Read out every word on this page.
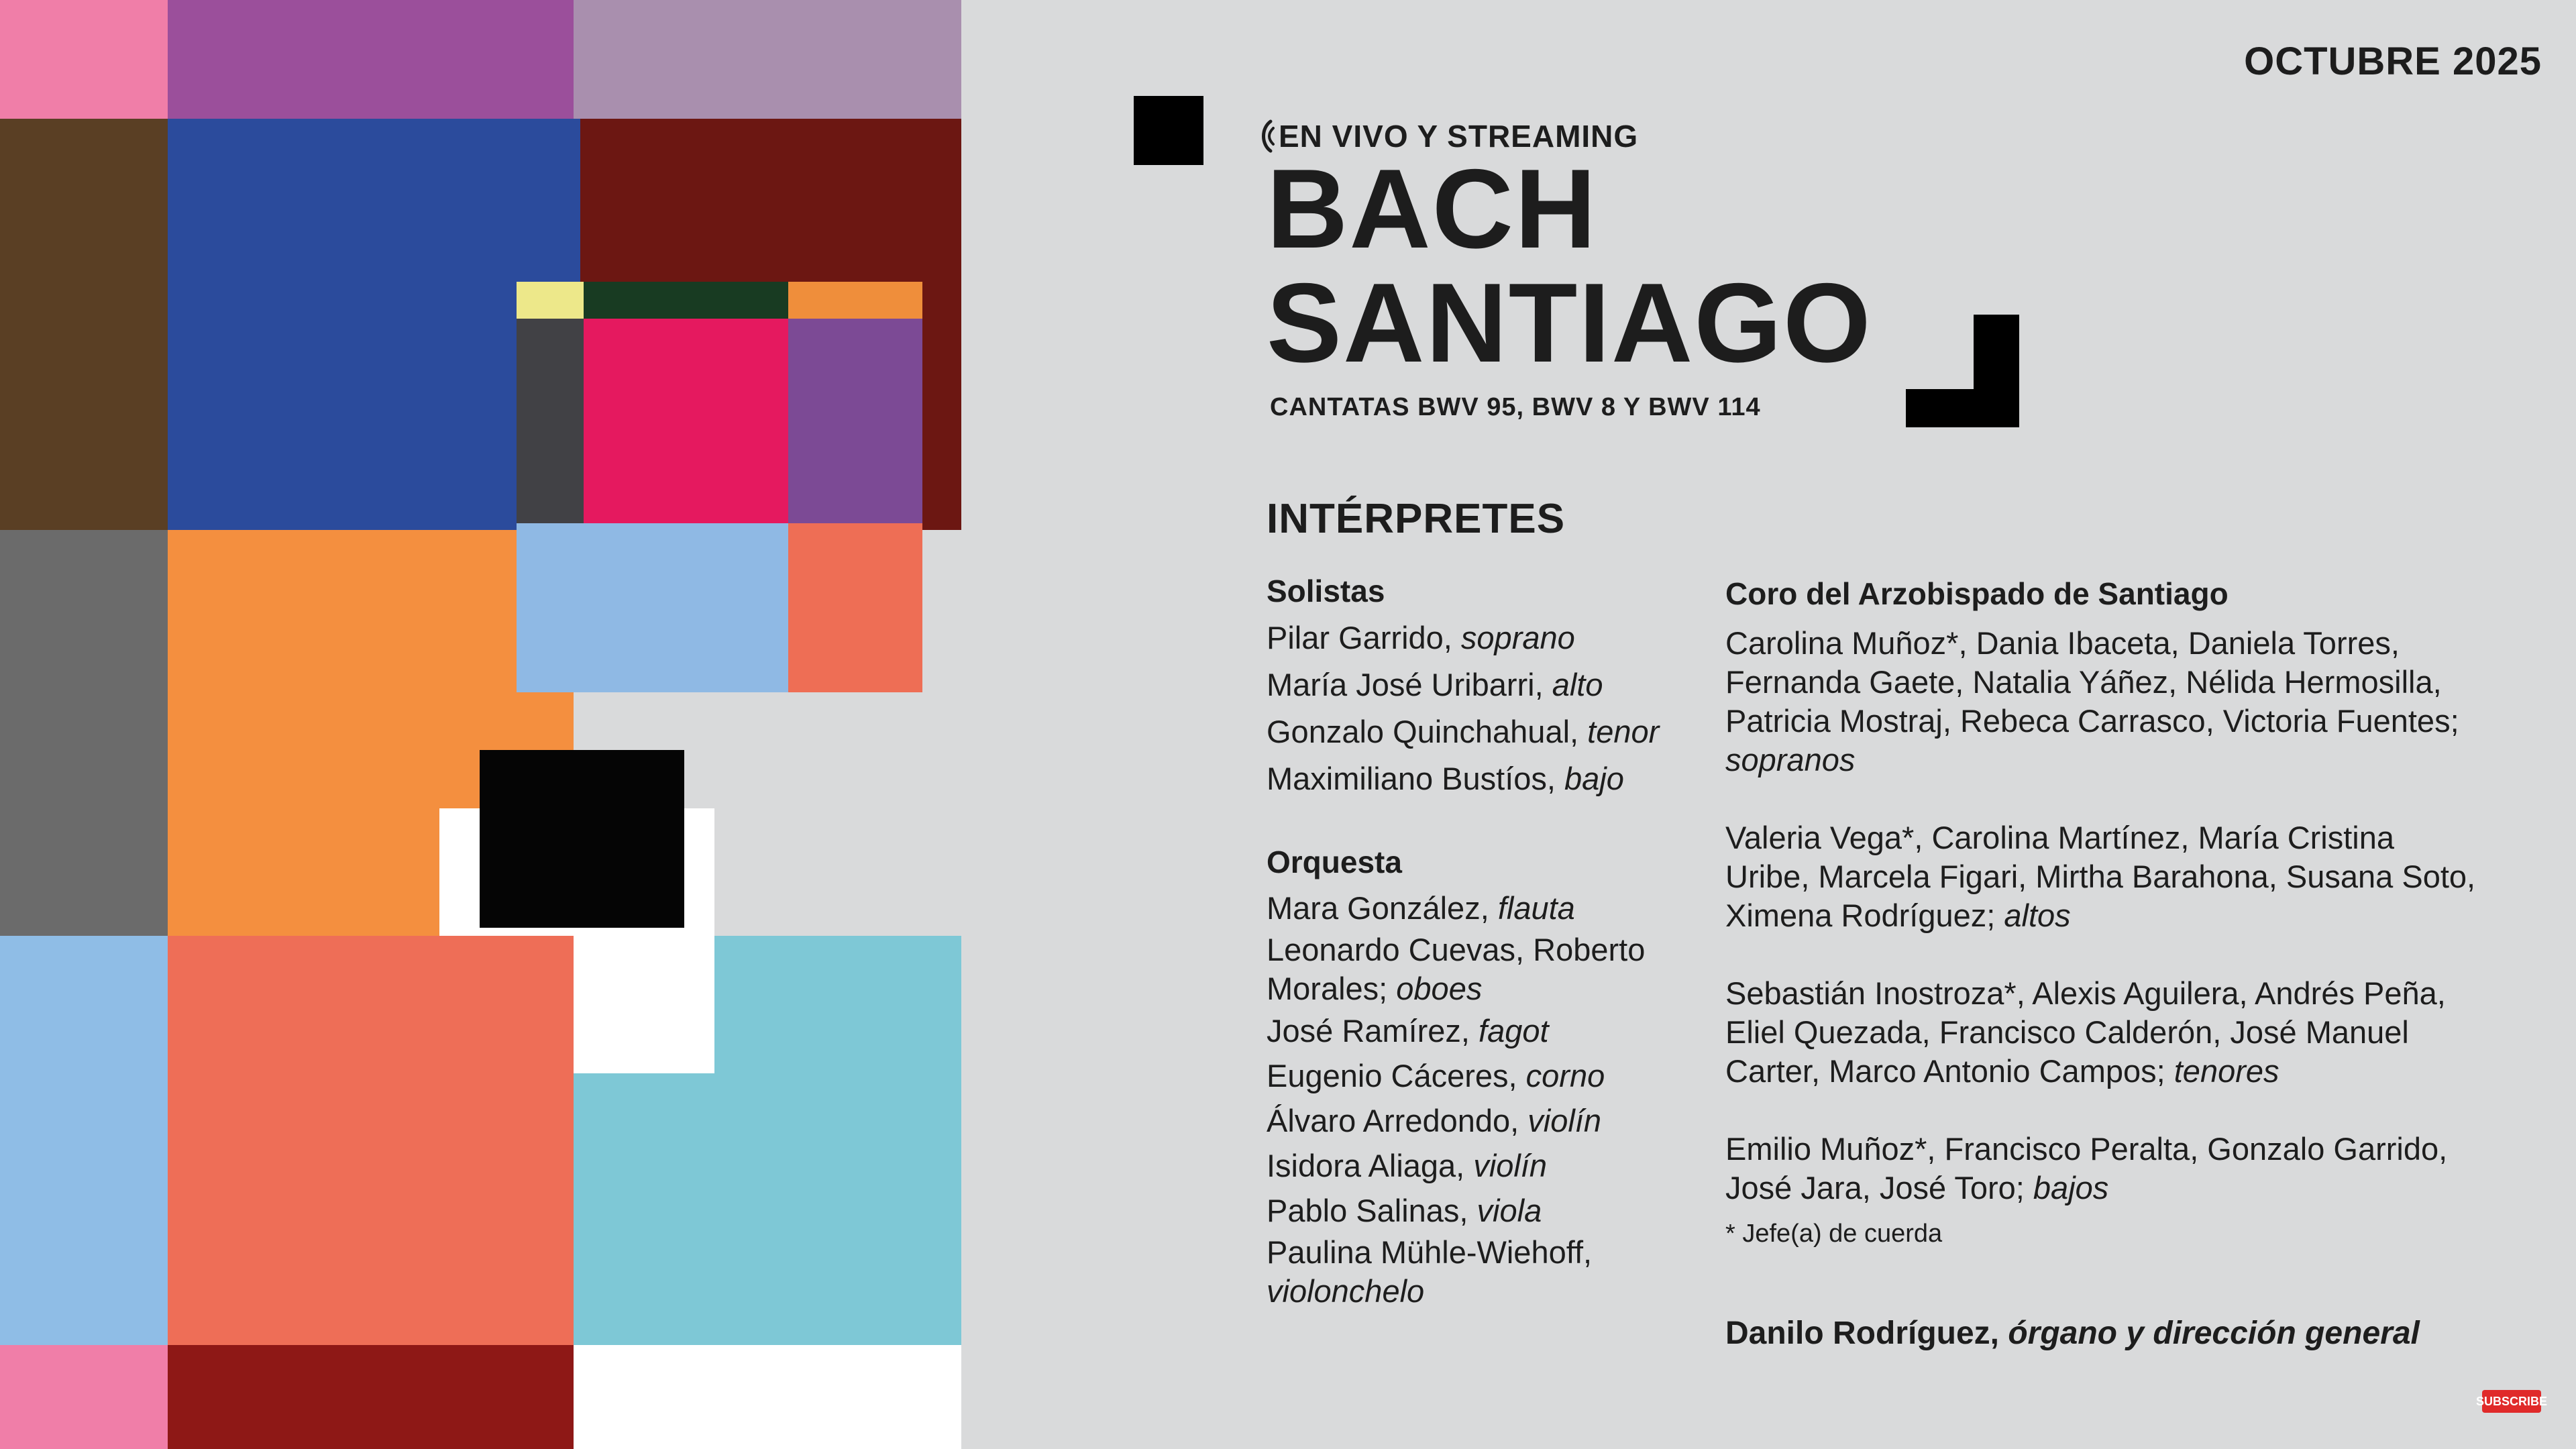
OCTUBRE 2025
EN VIVO Y STREAMING
BACH
SANTIAGO
CANTATAS BWV 95, BWV 8 Y BWV 114
INTÉRPRETES
Solistas
Pilar Garrido, soprano
María José Uribarri, alto
Gonzalo Quinchahual, tenor
Maximiliano Bustíos, bajo
Orquesta
Mara González, flauta
Leonardo Cuevas, Roberto Morales; oboes
José Ramírez, fagot
Eugenio Cáceres, corno
Álvaro Arredondo, violín
Isidora Aliaga, violín
Pablo Salinas, viola
Paulina Mühle-Wiehoff, violonchelo
Coro del Arzobispado de Santiago
Carolina Muñoz*, Dania Ibaceta, Daniela Torres, Fernanda Gaete, Natalia Yáñez, Nélida Hermosilla, Patricia Mostraj, Rebeca Carrasco, Victoria Fuentes; sopranos
Valeria Vega*, Carolina Martínez, María Cristina Uribe, Marcela Figari, Mirtha Barahona, Susana Soto, Ximena Rodríguez; altos
Sebastián Inostroza*, Alexis Aguilera, Andrés Peña, Eliel Quezada, Francisco Calderón, José Manuel Carter, Marco Antonio Campos; tenores
Emilio Muñoz*, Francisco Peralta, Gonzalo Garrido, José Jara, José Toro; bajos
* Jefe(a) de cuerda
Danilo Rodríguez, órgano y dirección general
SUBSCRIBE
